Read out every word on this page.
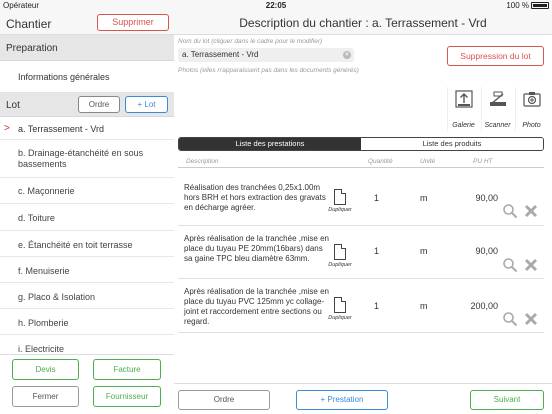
Opérateur	22:05	100 %
Chantier	Supprimer
Preparation
Informations générales
Lot	Ordre	+ Lot
> a. Terrassement - Vrd
b. Drainage-étanchéité en sous bassements
c. Maçonnerie
d. Toiture
e. Étanchéité en toit terrasse
f. Menuiserie
g. Placo & Isolation
h. Plomberie
i. Electricite
Devis	Facture
Fermer	Fournisseur
Description du chantier : a. Terrassement - Vrd
Nom du lot (cliquer dans le cadre pour le modifier)
a. Terrassement - Vrd	✕
Photos (elles n'apparaissent pas dans les documents générés)
Suppression du lot
Galerie	Scanner	Photo
Liste des prestations	Liste des produits
Description	Quantité	Unité	PU HT
Réalisation des tranchées 0,25x1.00m hors BRH et hors extraction des gravats en décharge agréer.	Dupliquer
1	m	90,00
Après réalisation de la tranchée ,mise en place du tuyau PE 20mm(16bars) dans sa gaine TPC bleu diamètre 63mm.
Dupliquer
1	m	90,00
Après réalisation de la tranchée ,mise en place du tuyau PVC 125mm yc collage-joint et raccordement entre sections ou regard.	Dupliquer
1	m	200,00
Ordre	+ Prestation	Suivant
